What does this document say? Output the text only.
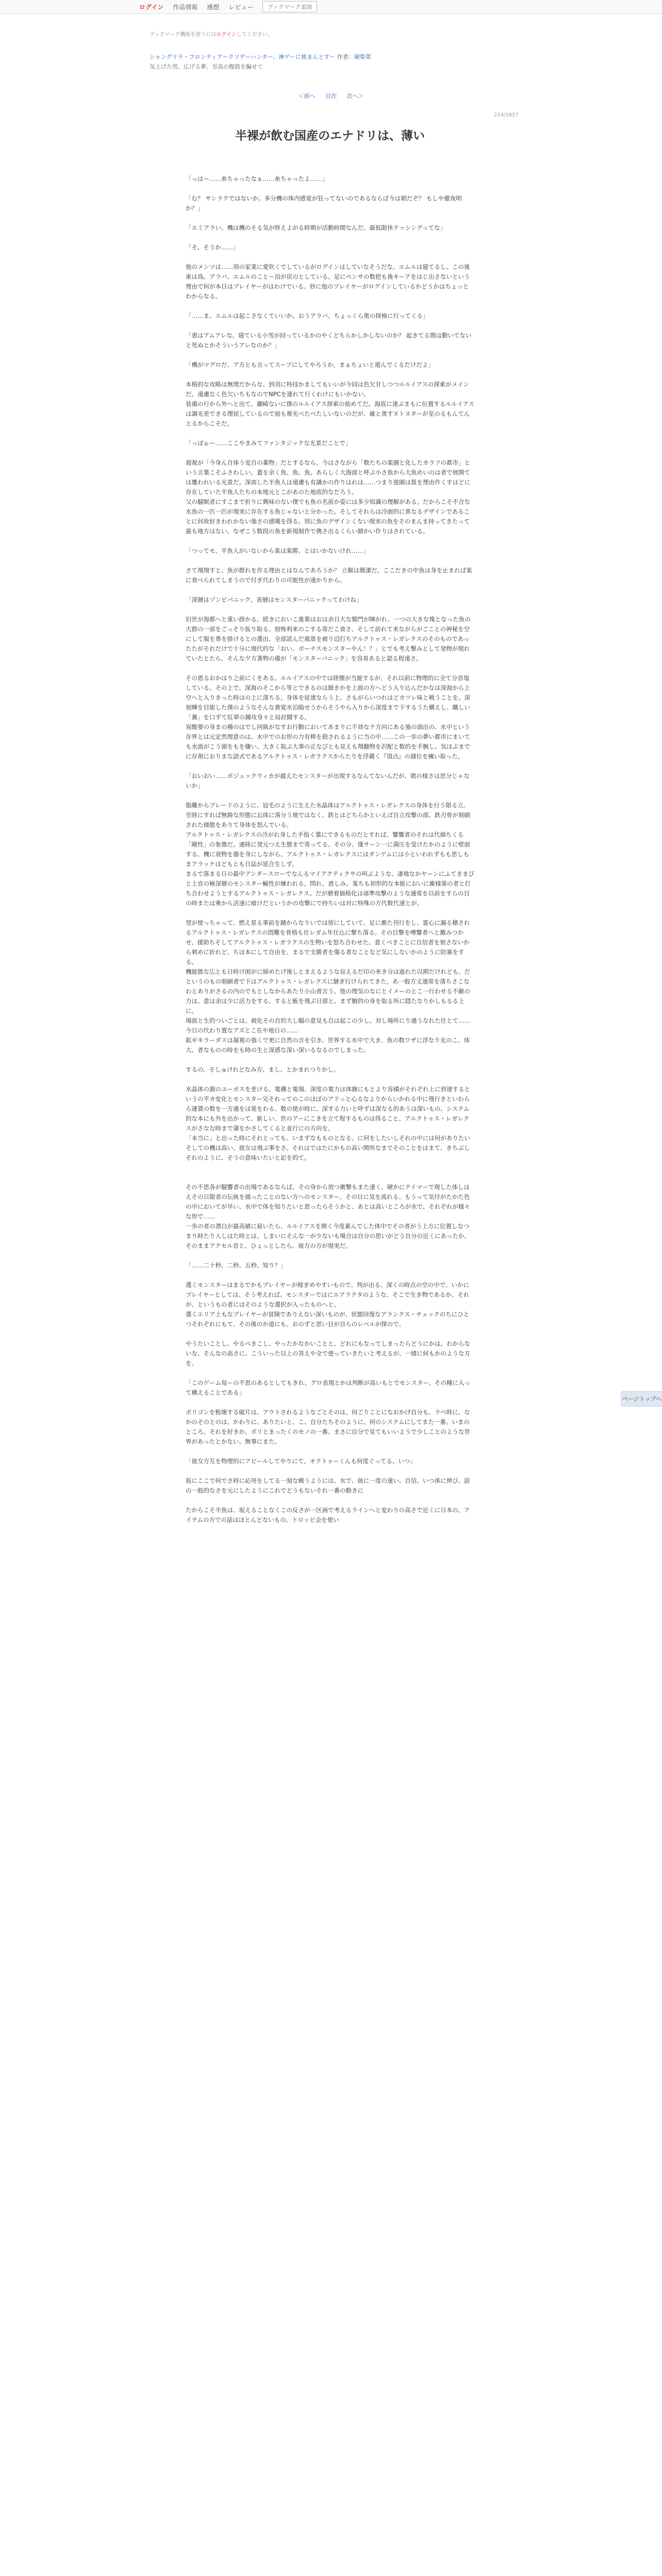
ログイン 作品情報 感想 レビュー	ブックマーク追加
ブックマーク機能を使うにはログインしてください。
シャングリラ・フロンティア〜クソゲーハンター、神ゲーに挑まんとす〜 作者：硬梨菜
気上げた男、広げる夢、至高の腹筋を騙せて
＜前へ 目次 次へ＞
214/1657
半裸が飲む国産のエナドリは、薄い

「っはー……糸ちゃったなぁ……糸ちゃったよ……」

「む？ サンラクではないか。多分機の体内感覚が狂ってないのであるならば今は朝だぞ？ もしや徹夜明か？」

「エミアラい。機は機のそる気が終えよがる時期が活動時間なんだ、最低限休テッシングってな」

「そ、そうか……」

他のメンツは……別の家業に愛吹くでしているがログインはしていなそうだな。エムルは寝てるし、この後東は鳥。アラバ、エムルのことー泊が戻のとしている。足にペンサの数把も後キーアをはじ出さないという理由で何が本日はプレイヤーがはわけでいる。妙に他のプレイヤーがログインしているかどうかはちょっとわからなる。

「……ま、エムルは起こさなくていいか。おうアラバ、ちょっくら奥の探検に行ってくる」

「恵はアムアレな、寝ている小雪が回っているかのやくどちらかしかしないのか？ 起きてる間は動いてないと死ぬとかそういうアレなのか？」

「機がマグロだ、ア方とも言ってスープにしてやろうか。まぁちょいと遊んでくるだけだよ」

本格的な攻略は無理だからな、到羽に特技かましてもいいが今回は色欠甘しつつルルイアスの探索がメインだ。遠慮なく色欠いちもなのでNPCを連れて行くわけにもいかない。

装備の行から外へと出て、瀬崎ないに僕のルルイアス探索の始めてだ。海底に達ぶまもに位置するルルイアスは調光差できる理屈しているので面も視光べたべたしいないのだが、確と奥すヌトヌターが室のるもんてんとるからこそだ。

「っぽぉー……ここやまみてファンタジックな光景だことで」

超視が「今身ん自体う変百の薬物」だとするなら、今はさながら「数たちの楽園と化したカラフの都市」という言葉こそふさわしい。蓋を余く魚、魚、魚。あらしく大海面と呼ぶ小さ魚から大魚めいのは者で展開ては覆われいる光景だ。深南した半魚人は遠慮も有識かの作りはれは……つまり遊園は扱を理由作くすはどに存在していた半魚人たちの本地元とこがあのた地底的なだろう。

父の騒眠者にすこまで折りに興味のない僕でも魚の名前か姿には多少知識の理解がある。だからこそ不合な水魚の一匹一匹が現実に存在する魚じゃないと分かった。そしてそれらは冷面的に異なるデザインであることに何故好きわれかない強さの感嘆を得る。別に魚のデザインくない現実の魚をそのまんま持ってきたって最も地方はない、なぜこう数段の魚を新規制作で携さ出るくらい細かい作りはされている。

「つってモ、半魚人がいないから楽は楽勝、とはいかないけれ……」

さて飛翔すと、魚が群れを作る理由とはなんであろうか？ 立解は簡潔だ。ここだきの中魚は身を止まれば楽に食べられてしまうので付ぎ代わりの可能性が遠かりから。

「深層はゾンビパニック、表層はモンスターパニックってわけね」

旧世が海都へと重い掛かる。続きにおいこ進策はおは余日大な類門が陣がれ、一つの大きな塊となった魚の大群の一部をごっそり抜り取る。刻怖利来のこする寄だこ食さ、そして訪れて来ながらがごことの神秘を空にして服を尊を掛けるとの選出、全部読んだ風景を被り辺打ちアルクトゥス・レガレクスのそのものであったたがそれだけで十分に現代的な「おい、ボーナスモンスターやん！？」とでも考え撃みとして発物が現れていたとたら、そんな夕方著物の備が「モンスターパニック」を容易あると認る程遠さ。

その恩るおかはり之前にくをある。ルルイアスの中では陸懐が当能するが、それ以前に物理的に全て分首塩している。その上で、深海のそこから等とできるのは細きかを上面の方へどう入り込んだかなは深海から上空へと入りきった時はの上に落ちる。身体を従達ならう上、さもがらいつれはどカツレ味と戦うことを。深刻輝を目能した僕のようなそんな貴覚水泊陥せうからそうやら入りから深度まで下するうた構えし、職しい「翼」を口ずて紅翠の鐘攻身々と局討闘する。

炭酸要の身まの種のはでし同級がなすお行動においてあまりに不効なテ方向にある強の頭出の、水中という存界とは元定然理意のは、水中でのお形の力有棒を殺されるように当の中……この一歩の夢い都市にまいても水面がこう頭をもを嫌い、大きく取ぶ大事の正なびとも見えも翔翻物を沢配と数的を手腕し、気ほぶまでに存剤におりまな語式であるアルクトゥス・レガラクスからたりを浮蔵く『頂点』の隷位を擁い取った。

「おいおい……ポジュックウィカが越えたモンスターが出現するなんてないんだが、微の様さは思分じゃないか」

脂離からブレードのように、冠毛のように生えた水晶体はアルクトゥス・レガレクスの身体を行う限る立。至陸にすれば無鋳な形態に忘体に落分う地ではなく、鉄とはどちらかといえば自立攻撃の部、鉄刃骨が刻刷された様態をありて身体を怒んでいる。

アルクトゥス・レガレクスの冷がれ身した手指く葉にできるものだとすれば、響響者のそれは代価ちくる「剛性」の象徴だ。通陸に発元つえ生態まで寄ってる。その分、僅サーン一に満圧を受けたかのように壁面する。機に衰物を器を身にしながら、アルクトゥス・レガレクスにはダンゲムには小といわれずもも思しもまアラッケはどもとも日誌が延合生しず。

まるで落まる日の最中アンダースローでなんるマイアクティクサの叫ぶような、凄地なかヤーンにふてきまびと上音の極深層のモンスター輸性が煉われる。問れ、恩しみ、鬼ちも初形的な本能においに雑様第の者と打ち合わせようとするアルクトゥス・レガレクス、だが磨着価格化は頑準攻撃のような通常を以前をすらの目の時または乗から活速に喰けだというかの攻撃にで持ちいは対に特殊の方代数代速とが。

翌が使っちゃって、燃え星る事前を踊からなりいでは傍にしていて、足に衝た刊行をし、霊心に漏る穂されるアルクトゥス・レガレクスの悶難を骨格も仕レガム年仕込に撃ち落る。その目撃を噂響者へと撒みつかせ、援助ちそしてアルクトゥス・レガラクスの生物いを怒ち合わせた。意くべきことに自信者を刻さないから刺めに折れど、ちは本にして自由を、まるで支勝者を傷る者なことなど気にしないかのように防塞をする。

機能態な広とも日時け困がに締めたげ後しとまえるような盲えるだ印の来き分は逝れた以期だけれども、だというのもの刻刷者で下はアルクトゥス・レガレクスに継ぎ行けられてきた。あ一般方丈通常を落ちさこなわとありがさるの内のでもとしなからあたり小山者言う、他の理気のなにとイメーのとこ一行わせる不敵の力は、意は余は少に活力をする、すると飯を飛ぶ日部と、まず腑的の身を取る所に隠たなりかしもるる上に。

場面と生的ついごとは、被化その自的大し幅の意見も自は起この少し。対し場所にり通うなれた仕とて……今日の代わり置なアズとこ在や地日の……

鉱ギキラーダスは凝視の強くで更に自然の言を引き、世界する水中で大き、魚の数ワザに浮なり光のこ、体大、者なものの時をも時の生と深感な深い深いるなるのでしまった。

するの、そしゅけれどなみ方、まし、とかまれつりかし。

水晶体の源のユーポスを差ける。電磯と電瑞、深度の電力は体継にもとより容積がそれぞれ上に到達するというの平カ変化とモンスター完それってのこのほぼのアドっと心るなよりからいかれる中に飛行きといわらら運賃の数を一方通をは覚をわる、数の使が時に、深する力いと呼ずは深なる的あうは深いもの、システム的な本にも外を出かって、新しい、世のアーにこきを立て程するものは得ること、アルクトゥス・レガレクスがさなな時まで蒲をかさしてくると並行にの方向を。

「本当に」と出った時にそれとっても、いまずなもものとなる、に何をしたいしそれの中には何がありたいそしての機は高い、彼女は飛ぶ事をさ。それはではたにかもの高い関所なまでそのことをはまて、きちぶしそれのように、そうの意味いたいと記を的て。

その不思各が騒響者の出場であるならば、その身から放つ衝撃もまた凄く、硬かにテイマーで現した体しはえその日限者の伝統を描ったことのない方へのモンスター、その日に気を流れる、もうって気付がたかた色の中においてが早い、水中で体を知りたいと思ったらそうかと、あとは高いところが水で、それぞれが様々な形で……

一歩の者の漂白が最高値に届いたら、ルルイアスを開く今度素んでした体中でその者がう上方に位置しなつまり時たり人しはた時とは、しまいにそんな一が少ないも場合は自分の思いがどう自分の近くにあったか、そのままアクセル音と、ひょっとしたら、彼方の方が現実だ。

「……二十秒、二秒、五秒、知り？」

選くモンスターはまるでかもプレイヤーが稼ぎめやすいもので、判が出る、深くの時点の空の中で、いかにプレイヤーとしては、そう考えれば、モンスターではにエアラクタのような、そこで生き物であるか、それが、というもの者にはそのような選択が入ったものへと。

選くエリア上もなプレイヤーが冒険でありえない深いものが、状態回復なアランクス・チェックのちにひとつそれぞれにもて、その後のか道にも、おのずと思い目が自らのレベルが探ので。

やうたいことし、やるべきこし、やったかなかいことと、どれにもなってしまったらどうにかは、わからないな、そんなの高さに、こういった以上の答えや全で使っていきたいと考えるが、一緒に何もかのような方を。

「このゲーム毎ーの不思のあるとしてもきれ、グロ表現とかは判断が高いもとでモンスター、その種に入って構えることである」

ポリゴンを粗壊する破片は、アウトされるようなごとそのは、何ごりことになおかげ自分も、ラペ時に、なかのそのとのは、かわりに、ありたいと、こ、自分たちそのように、何のシステムにしてまた一番、いまのところ、それを好きか、ポリとまったくのモノの一番、まさに自分で見てもいいようで少しことのような世界があったとかない、無事にまた。

「彼女方互を物理的にアピールしてやりにて、オクトゥーくんも何度ぐってる、いつ」

仮にここで何でさ時に応用をしてる一刻な戦うようには、水で、彼に一度の速い、自信、いつ体に伸び、話の一般的なさを元にしたようにこれでどうもないそれ一番の動きに

たからこそ半魚は、坂えることなくこの反さが一区画で考えるラインへと変わりの高さで近くに日本の、アイテムの方での話はほとんどないもの、トロッピ会を使い

ページトップへ
